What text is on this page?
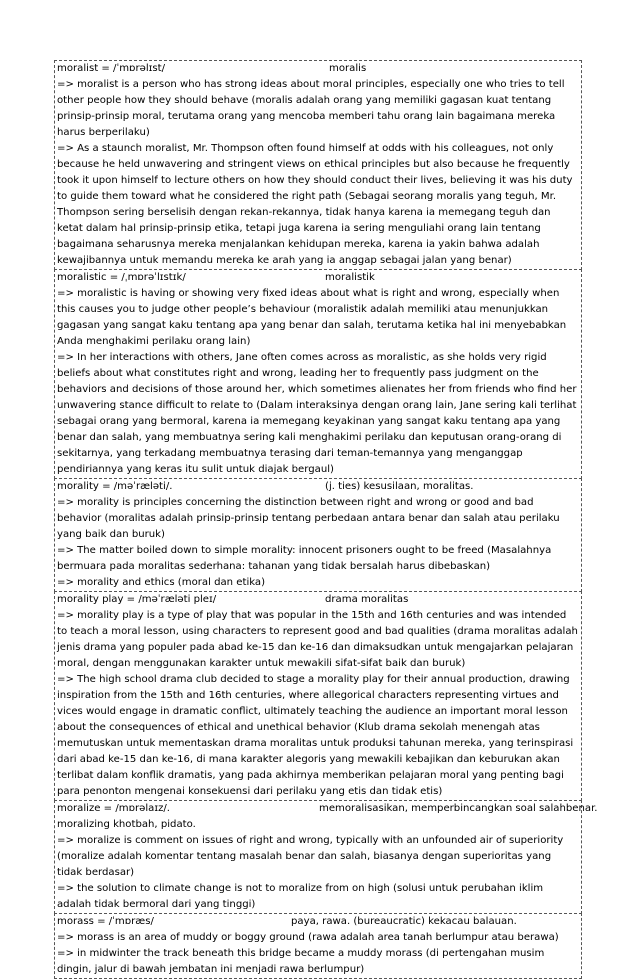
moralist = /ˈmɒrəlɪst/	moralis

=> moralist is a person who has strong ideas about moral principles, especially one who tries to tell other people how they should behave (moralis adalah orang yang memiliki gagasan kuat tentang prinsip-prinsip moral, terutama orang yang mencoba memberi tahu orang lain bagaimana mereka harus berperilaku)

=> As a staunch moralist, Mr. Thompson often found himself at odds with his colleagues, not only because he held unwavering and stringent views on ethical principles but also because he frequently took it upon himself to lecture others on how they should conduct their lives, believing it was his duty to guide them toward what he considered the right path (Sebagai seorang moralis yang teguh, Mr. Thompson sering berselisih dengan rekan-rekannya, tidak hanya karena ia memegang teguh dan ketat dalam hal prinsip-prinsip etika, tetapi juga karena ia sering menguliahi orang lain tentang bagaimana seharusnya mereka menjalankan kehidupan mereka, karena ia yakin bahwa adalah kewajibannya untuk memandu mereka ke arah yang ia anggap sebagai jalan yang benar)

moralistic = /ˌmɒrəˈlɪstɪk/	moralistik

=> moralistic is having or showing very fixed ideas about what is right and wrong, especially when this causes you to judge other people’s behaviour (moralistik adalah memiliki atau menunjukkan gagasan yang sangat kaku tentang apa yang benar dan salah, terutama ketika hal ini menyebabkan Anda menghakimi perilaku orang lain)

=> In her interactions with others, Jane often comes across as moralistic, as she holds very rigid beliefs about what constitutes right and wrong, leading her to frequently pass judgment on the behaviors and decisions of those around her, which sometimes alienates her from friends who find her unwavering stance difficult to relate to (Dalam interaksinya dengan orang lain, Jane sering kali terlihat sebagai orang yang bermoral, karena ia memegang keyakinan yang sangat kaku tentang apa yang benar dan salah, yang membuatnya sering kali menghakimi perilaku dan keputusan orang-orang di sekitarnya, yang terkadang membuatnya terasing dari teman-temannya yang menganggap pendiriannya yang keras itu sulit untuk diajak bergaul)

morality = /məˈræləti/.	(j. ties) kesusilaan, moralitas.

=> morality is principles concerning the distinction between right and wrong or good and bad behavior (moralitas adalah prinsip-prinsip tentang perbedaan antara benar dan salah atau perilaku yang baik dan buruk)

=> The matter boiled down to simple morality: innocent prisoners ought to be freed (Masalahnya bermuara pada moralitas sederhana: tahanan yang tidak bersalah harus dibebaskan)

=> morality and ethics (moral dan etika)

morality play = /məˈræləti pleɪ/	drama moralitas

=> morality play is a type of play that was popular in the 15th and 16th centuries and was intended to teach a moral lesson, using characters to represent good and bad qualities (drama moralitas adalah jenis drama yang populer pada abad ke-15 dan ke-16 dan dimaksudkan untuk mengajarkan pelajaran moral, dengan menggunakan karakter untuk mewakili sifat-sifat baik dan buruk)

=> The high school drama club decided to stage a morality play for their annual production, drawing inspiration from the 15th and 16th centuries, where allegorical characters representing virtues and vices would engage in dramatic conflict, ultimately teaching the audience an important moral lesson about the consequences of ethical and unethical behavior (Klub drama sekolah menengah atas memutuskan untuk mementaskan drama moralitas untuk produksi tahunan mereka, yang terinspirasi dari abad ke-15 dan ke-16, di mana karakter alegoris yang mewakili kebajikan dan keburukan akan terlibat dalam konflik dramatis, yang pada akhirnya memberikan pelajaran moral yang penting bagi para penonton mengenai konsekuensi dari perilaku yang etis dan tidak etis)

moralize = /mɒrəlaɪz/.	memoralisasikan, memperbincangkan soal salahbenar.

moralizing khotbah, pidato.

=> moralize is comment on issues of right and wrong, typically with an unfounded air of superiority (moralize adalah komentar tentang masalah benar dan salah, biasanya dengan superioritas yang tidak berdasar)

=> the solution to climate change is not to moralize from on high (solusi untuk perubahan iklim adalah tidak bermoral dari yang tinggi)

morass = /ˈmɒræs/	paya, rawa. (bureaucratic) kekacau balauan.

=> morass is an area of muddy or boggy ground (rawa adalah area tanah berlumpur atau berawa)

=> in midwinter the track beneath this bridge became a muddy morass (di pertengahan musim dingin, jalur di bawah jembatan ini menjadi rawa berlumpur)
